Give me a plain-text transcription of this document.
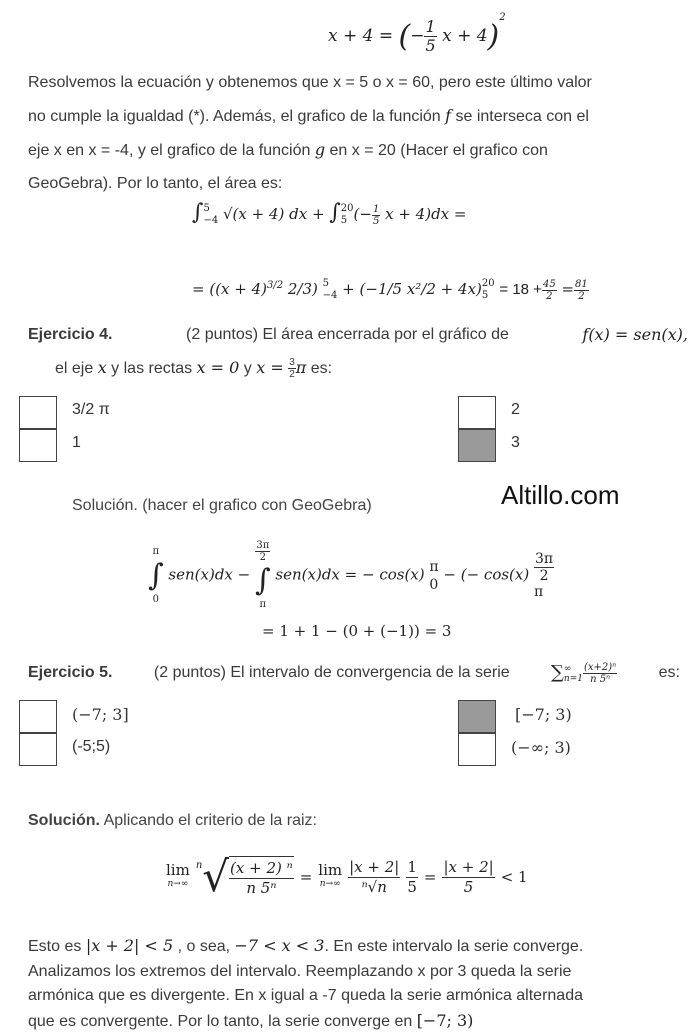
x + 4 = (− $\frac{1}{5}$ x + 4)$^2$
Resolvemos la ecuación y obtenemos que x = 5 o x = 60, pero este último valor
no cumple la igualdad (*). Además, el grafico de la función f se interseca con el
eje x en x = -4, y el grafico de la función g en x = 20 (Hacer el grafico con
GeoGebra). Por lo tanto, el área es:
∫ 5
−4 √(x + 4) dx + ∫ 20
5 (− $\frac{1}{5}$ x + 4)dx =
= ($(x + 4)^{3/2}$ 2/3) 5
−4 + (−1/5 x²/2 + 4x) 20
$5 = 18 + \frac{45}{2} = \frac{81}{2}$
Ejercicio 4.	(2 puntos) El área encerrada por el gráfico de	f(x) = sen(x),
el eje x y las rectas x = 0 y $x = \frac{3}{2}$ π es:
3/2 π
1
2
3
Altillo.com
Solución. (hacer el grafico con GeoGebra)
π
∫
0
sen(x)dx −
$\frac{3\pi}{2}$
∫
π
sen(x)dx = − cos(x) π
0
− (− $\cos(x) \frac{3\pi}{2}$
π
= 1 + 1 − (0 + (−1)) = 3
Ejercicio 5.	(2 puntos) El intervalo de convergencia de la serie ∑ ∞
$n=1 \frac{\text{(x+2)ⁿ}}{\text{n 5ⁿ}}$	es:
(−7; 3]
(-5;5)
[−7; 3)
(−∞; 3)
Solución. Aplicando el criterio de la raiz:
lim
n→∞
$^n$ √ $\frac{\text{(x + 2) ⁿ}}{\text{n 5ⁿ}} = \lim$
$n\to\infty \frac{|x + 2|}{\text{ⁿ√n}} \frac{1}{5} = \frac{|x + 2|}{5} < 1$
Esto es |x + 2| < 5 , o sea, −7 < x < 3. En este intervalo la serie converge.
Analizamos los extremos del intervalo. Reemplazando x por 3 queda la serie
armónica que es divergente. En x igual a -7 queda la serie armónica alternada
que es convergente. Por lo tanto, la serie converge en [−7; 3)
